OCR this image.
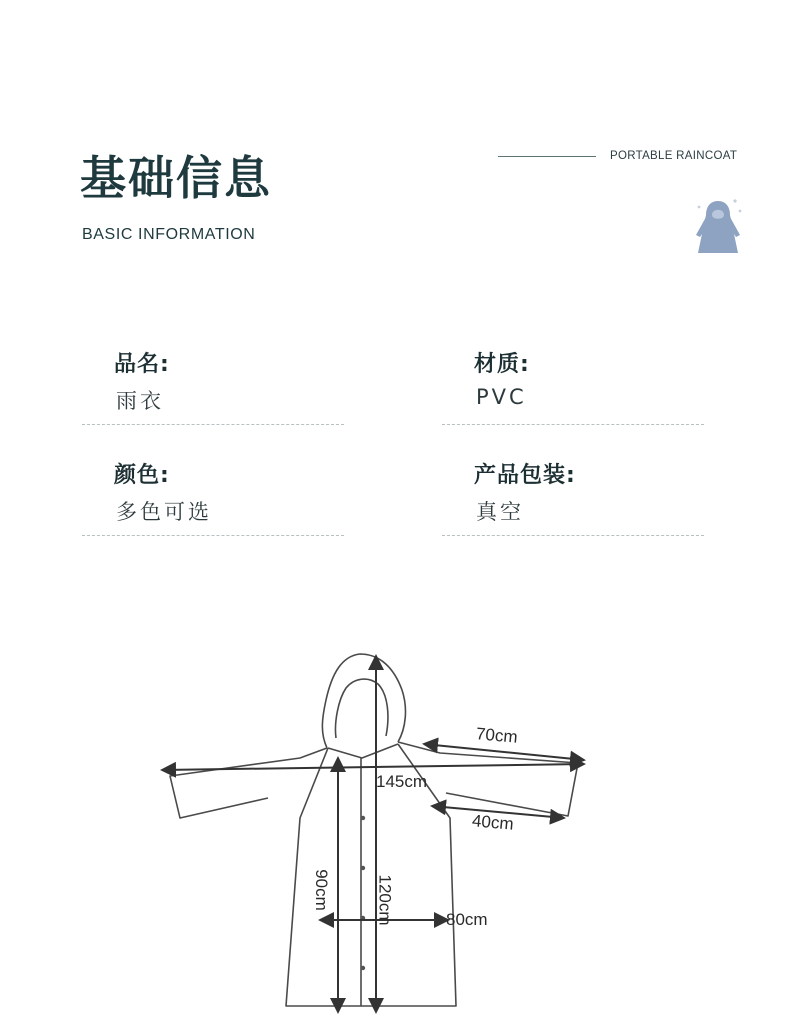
基础信息
BASIC INFORMATION
PORTABLE RAINCOAT
品名:
雨衣
材质:
PVC
颜色:
多色可选
产品包装:
真空
70cm
145cm
40cm
90cm	120cm	80cm
